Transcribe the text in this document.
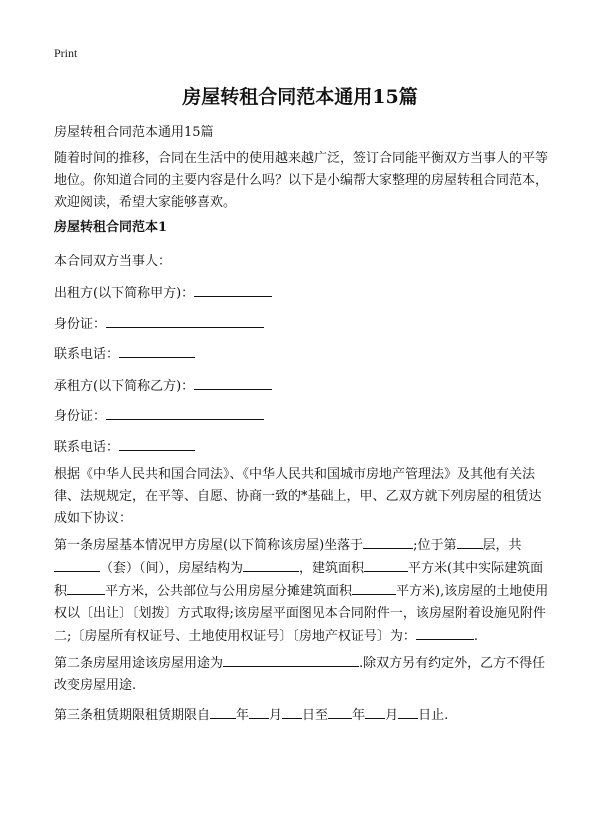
Print
房屋转租合同范本通用15篇
房屋转租合同范本通用15篇
随着时间的推移，合同在生活中的使用越来越广泛，签订合同能平衡双方当事人的平等地位。你知道合同的主要内容是什么吗？以下是小编帮大家整理的房屋转租合同范本，欢迎阅读，希望大家能够喜欢。
房屋转租合同范本1
本合同双方当事人：
出租方(以下简称甲方)：
身份证：
联系电话：
承租方(以下简称乙方)：
身份证：
联系电话：
根据《中华人民共和国合同法》、《中华人民共和国城市房地产管理法》及其他有关法律、法规规定，在平等、自愿、协商一致的*基础上，甲、乙双方就下列房屋的租赁达成如下协议：
第一条房屋基本情况甲方房屋(以下简称该房屋)坐落于	;位于第 层，共（套）（间），房屋结构为	，建筑面积	平方米(其中实际建筑面积	平方米，公共部位与公用房屋分摊建筑面积	平方米),该房屋的土地使用权以〔出让〕〔划拨〕方式取得;该房屋平面图见本合同附件一，该房屋附着设施见附件二;〔房屋所有权证号、土地使用权证号〕〔房地产权证号〕为：	.
第二条房屋用途该房屋用途为	.除双方另有约定外，乙方不得任改变房屋用途.
第三条租赁期限租赁期限自 年 月 日至 年 月 日止.
